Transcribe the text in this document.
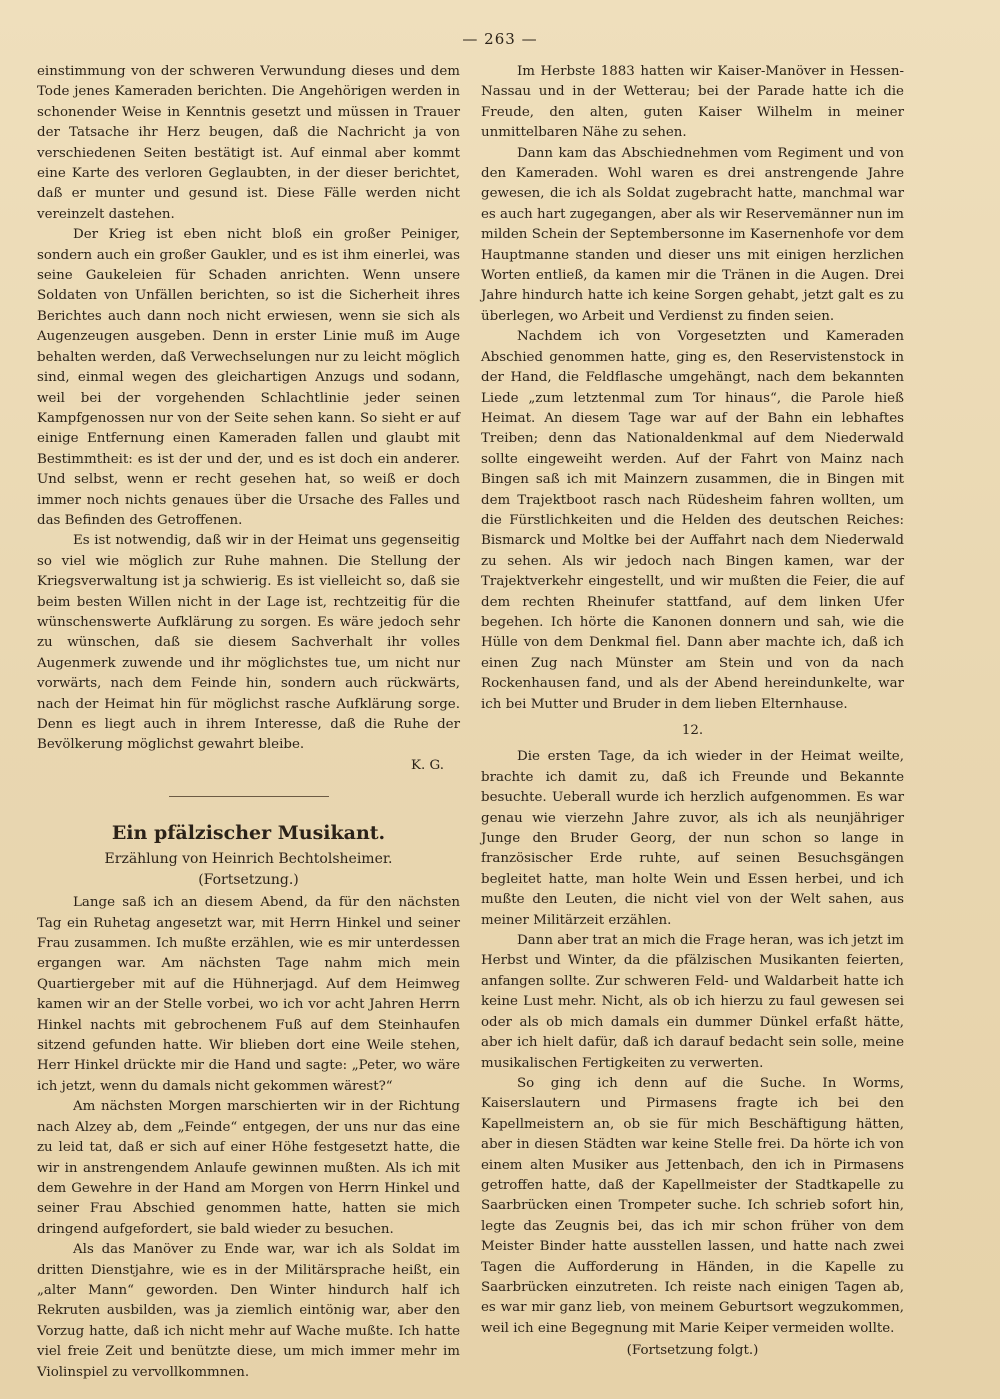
— 263 —

einstimmung von der schweren Verwundung dieses und dem Tode jenes Kameraden berichten. Die Angehörigen werden in schonender Weise in Kenntnis gesetzt und müssen in Trauer der Tatsache ihr Herz beugen, daß die Nachricht ja von verschiedenen Seiten bestätigt ist. Auf einmal aber kommt eine Karte des verloren Geglaubten, in der dieser berichtet, daß er munter und gesund ist. Diese Fälle werden nicht vereinzelt dastehen.

Der Krieg ist eben nicht bloß ein großer Peiniger, sondern auch ein großer Gaukler, und es ist ihm einerlei, was seine Gaukeleien für Schaden anrichten. Wenn unsere Soldaten von Unfällen berichten, so ist die Sicherheit ihres Berichtes auch dann noch nicht erwiesen, wenn sie sich als Augenzeugen ausgeben. Denn in erster Linie muß im Auge behalten werden, daß Verwechselungen nur zu leicht möglich sind, einmal wegen des gleichartigen Anzugs und sodann, weil bei der vorgehenden Schlachtlinie jeder seinen Kampfgenossen nur von der Seite sehen kann. So sieht er auf einige Entfernung einen Kameraden fallen und glaubt mit Bestimmtheit: es ist der und der, und es ist doch ein anderer. Und selbst, wenn er recht gesehen hat, so weiß er doch immer noch nichts genaues über die Ursache des Falles und das Befinden des Getroffenen.

Es ist notwendig, daß wir in der Heimat uns gegenseitig so viel wie möglich zur Ruhe mahnen. Die Stellung der Kriegsverwaltung ist ja schwierig. Es ist vielleicht so, daß sie beim besten Willen nicht in der Lage ist, rechtzeitig für die wünschenswerte Aufklärung zu sorgen. Es wäre jedoch sehr zu wünschen, daß sie diesem Sachverhalt ihr volles Augenmerk zuwende und ihr möglichstes tue, um nicht nur vorwärts, nach dem Feinde hin, sondern auch rückwärts, nach der Heimat hin für möglichst rasche Aufklärung sorge. Denn es liegt auch in ihrem Interesse, daß die Ruhe der Bevölkerung möglichst gewahrt bleibe.

K. G.
Ein pfälzischer Musikant.
Erzählung von Heinrich Bechtolsheimer.
(Fortsetzung.)

Lange saß ich an diesem Abend, da für den nächsten Tag ein Ruhetag angesetzt war, mit Herrn Hinkel und seiner Frau zusammen. Ich mußte erzählen, wie es mir unterdessen ergangen war. Am nächsten Tage nahm mich mein Quartiergeber mit auf die Hühnerjagd. Auf dem Heimweg kamen wir an der Stelle vorbei, wo ich vor acht Jahren Herrn Hinkel nachts mit gebrochenem Fuß auf dem Steinhaufen sitzend gefunden hatte. Wir blieben dort eine Weile stehen, Herr Hinkel drückte mir die Hand und sagte: „Peter, wo wäre ich jetzt, wenn du damals nicht gekommen wärest?“

Am nächsten Morgen marschierten wir in der Richtung nach Alzey ab, dem „Feinde“ entgegen, der uns nur das eine zu leid tat, daß er sich auf einer Höhe festgesetzt hatte, die wir in anstrengendem Anlaufe gewinnen mußten. Als ich mit dem Gewehre in der Hand am Morgen von Herrn Hinkel und seiner Frau Abschied genommen hatte, hatten sie mich dringend aufgefordert, sie bald wieder zu besuchen.

Als das Manöver zu Ende war, war ich als Soldat im dritten Dienstjahre, wie es in der Militärsprache heißt, ein „alter Mann“ geworden. Den Winter hindurch half ich Rekruten ausbilden, was ja ziemlich eintönig war, aber den Vorzug hatte, daß ich nicht mehr auf Wache mußte. Ich hatte viel freie Zeit und benützte diese, um mich immer mehr im Violinspiel zu vervollkommnen.

Im Herbste 1883 hatten wir Kaiser-Manöver in Hessen-Nassau und in der Wetterau; bei der Parade hatte ich die Freude, den alten, guten Kaiser Wilhelm in meiner unmittelbaren Nähe zu sehen.

Dann kam das Abschiednehmen vom Regiment und von den Kameraden. Wohl waren es drei anstrengende Jahre gewesen, die ich als Soldat zugebracht hatte, manchmal war es auch hart zugegangen, aber als wir Reservemänner nun im milden Schein der Septembersonne im Kasernenhofe vor dem Hauptmanne standen und dieser uns mit einigen herzlichen Worten entließ, da kamen mir die Tränen in die Augen. Drei Jahre hindurch hatte ich keine Sorgen gehabt, jetzt galt es zu überlegen, wo Arbeit und Verdienst zu finden seien.

Nachdem ich von Vorgesetzten und Kameraden Abschied genommen hatte, ging es, den Reservistenstock in der Hand, die Feldflasche umgehängt, nach dem bekannten Liede „zum letztenmal zum Tor hinaus“, die Parole hieß Heimat. An diesem Tage war auf der Bahn ein lebhaftes Treiben; denn das Nationaldenkmal auf dem Niederwald sollte eingeweiht werden. Auf der Fahrt von Mainz nach Bingen saß ich mit Mainzern zusammen, die in Bingen mit dem Trajektboot rasch nach Rüdesheim fahren wollten, um die Fürstlichkeiten und die Helden des deutschen Reiches: Bismarck und Moltke bei der Auffahrt nach dem Niederwald zu sehen. Als wir jedoch nach Bingen kamen, war der Trajektverkehr eingestellt, und wir mußten die Feier, die auf dem rechten Rheinufer stattfand, auf dem linken Ufer begehen. Ich hörte die Kanonen donnern und sah, wie die Hülle von dem Denkmal fiel. Dann aber machte ich, daß ich einen Zug nach Münster am Stein und von da nach Rockenhausen fand, und als der Abend hereindunkelte, war ich bei Mutter und Bruder in dem lieben Elternhause.

12.

Die ersten Tage, da ich wieder in der Heimat weilte, brachte ich damit zu, daß ich Freunde und Bekannte besuchte. Ueberall wurde ich herzlich aufgenommen. Es war genau wie vierzehn Jahre zuvor, als ich als neunjähriger Junge den Bruder Georg, der nun schon so lange in französischer Erde ruhte, auf seinen Besuchsgängen begleitet hatte, man holte Wein und Essen herbei, und ich mußte den Leuten, die nicht viel von der Welt sahen, aus meiner Militärzeit erzählen.

Dann aber trat an mich die Frage heran, was ich jetzt im Herbst und Winter, da die pfälzischen Musikanten feierten, anfangen sollte. Zur schweren Feld- und Waldarbeit hatte ich keine Lust mehr. Nicht, als ob ich hierzu zu faul gewesen sei oder als ob mich damals ein dummer Dünkel erfaßt hätte, aber ich hielt dafür, daß ich darauf bedacht sein solle, meine musikalischen Fertigkeiten zu verwerten.

So ging ich denn auf die Suche. In Worms, Kaiserslautern und Pirmasens fragte ich bei den Kapellmeistern an, ob sie für mich Beschäftigung hätten, aber in diesen Städten war keine Stelle frei. Da hörte ich von einem alten Musiker aus Jettenbach, den ich in Pirmasens getroffen hatte, daß der Kapellmeister der Stadtkapelle zu Saarbrücken einen Trompeter suche. Ich schrieb sofort hin, legte das Zeugnis bei, das ich mir schon früher von dem Meister Binder hatte ausstellen lassen, und hatte nach zwei Tagen die Aufforderung in Händen, in die Kapelle zu Saarbrücken einzutreten. Ich reiste nach einigen Tagen ab, es war mir ganz lieb, von meinem Geburtsort wegzukommen, weil ich eine Begegnung mit Marie Keiper vermeiden wollte.

(Fortsetzung folgt.)
